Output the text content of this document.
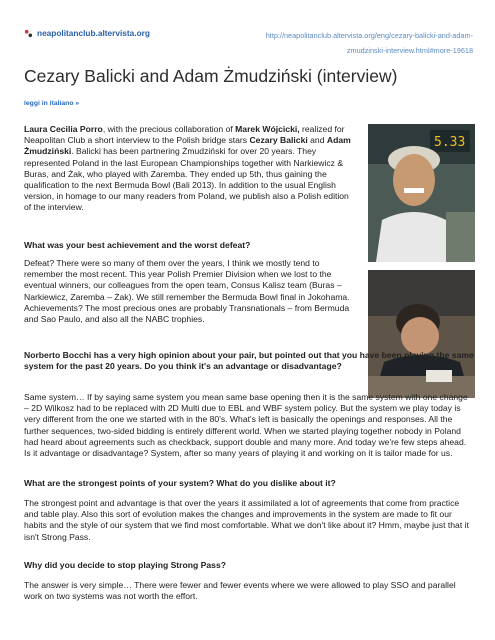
neapolitanclub.altervista.org	http://neapolitanclub.altervista.org/eng/cezary-balicki-and-adam-
zmudzinski-interview.html#more-19618
Cezary Balicki and Adam Żmudziński (interview)
leggi in italiano »
Laura Cecilia Porro, with the precious collaboration of Marek Wójcicki, realized for Neapolitan Club a short interview to the Polish bridge stars Cezary Balicki and Adam Żmudziński. Balicki has been partnering Żmudziński for over 20 years. They represented Poland in the last European Championships together with Narkiewicz & Buras, and Żak, who played with Zaremba. They ended up 5th, thus gaining the qualification to the next Bermuda Bowl (Bali 2013). In addition to the usual English version, in homage to our many readers from Poland, we publish also a Polish edition of the interview.
5.33
What was your best achievement and the worst defeat?
Defeat? There were so many of them over the years, I think we mostly tend to remember the most recent. This year Polish Premier Division when we lost to the eventual winners, our colleagues from the open team, Consus Kalisz team (Buras – Narkiewicz, Zaremba – Żak). We still remember the Bermuda Bowl final in Jokohama. Achievements? The most precious ones are probably Transnationals – from Bermuda and Sao Paulo, and also all the NABC trophies.
Norberto Bocchi has a very high opinion about your pair, but pointed out that you have been playing the same system for the past 20 years. Do you think it's an advantage or disadvantage?
Same system… If by saying same system you mean same base opening then it is the same system with one change – 2D Wilkosz had to be replaced with 2D Multi due to EBL and WBF system policy. But the system we play today is very different from the one we started with in the 80's. What's left is basically the openings and responses. All the further sequences, two-sided bidding is entirely different world. When we started playing together nobody in Poland had heard about agreements such as checkback, support double and many more. And today we're few steps ahead. Is it advantage or disadvantage? System, after so many years of playing it and working on it is tailor made for us.
What are the strongest points of your system? What do you dislike about it?
The strongest point and advantage is that over the years it assimilated a lot of agreements that come from practice and table play. Also this sort of evolution makes the changes and improvements in the system are made to fit our habits and the style of our system that we find most comfortable. What we don't like about it? Hmm, maybe just that it isn't Strong Pass.
Why did you decide to stop playing Strong Pass?
The answer is very simple… There were fewer and fewer events where we were allowed to play SSO and parallel work on two systems was not worth the effort.
